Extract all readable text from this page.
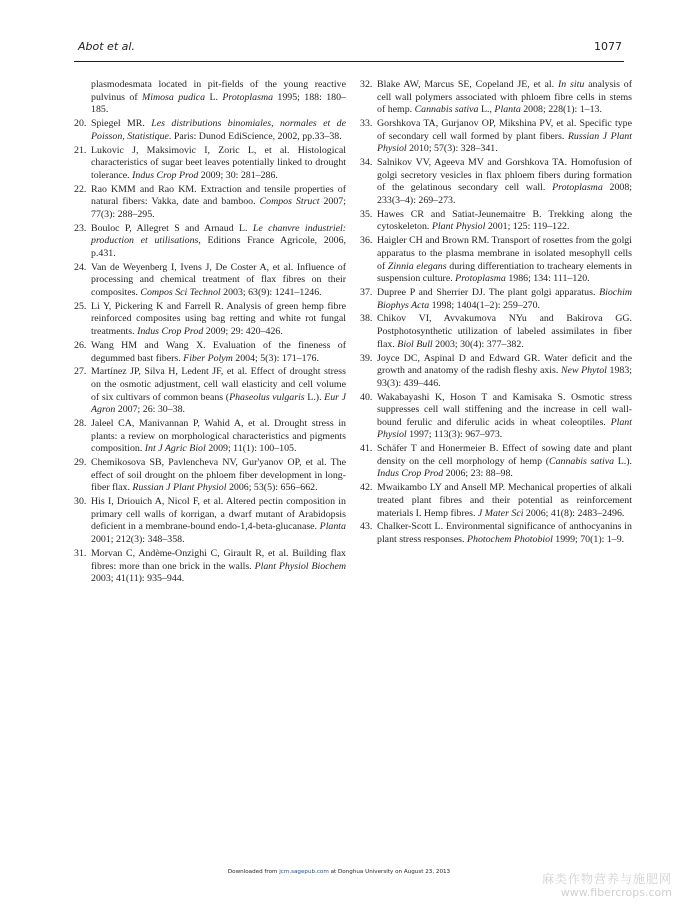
Abot et al.	1077
plasmodesmata located in pit-fields of the young reactive pulvinus of Mimosa pudica L. Protoplasma 1995; 188: 180–185.
20. Spiegel MR. Les distributions binomiales, normales et de Poisson, Statistique. Paris: Dunod EdiScience, 2002, pp.33–38.
21. Lukovic J, Maksimovic I, Zoric L, et al. Histological characteristics of sugar beet leaves potentially linked to drought tolerance. Indus Crop Prod 2009; 30: 281–286.
22. Rao KMM and Rao KM. Extraction and tensile properties of natural fibers: Vakka, date and bamboo. Compos Struct 2007; 77(3): 288–295.
23. Bouloc P, Allegret S and Arnaud L. Le chanvre industriel: production et utilisations, Editions France Agricole, 2006, p.431.
24. Van de Weyenberg I, Ivens J, De Coster A, et al. Influence of processing and chemical treatment of flax fibres on their composites. Compos Sci Technol 2003; 63(9): 1241–1246.
25. Li Y, Pickering K and Farrell R. Analysis of green hemp fibre reinforced composites using bag retting and white rot fungal treatments. Indus Crop Prod 2009; 29: 420–426.
26. Wang HM and Wang X. Evaluation of the fineness of degummed bast fibers. Fiber Polym 2004; 5(3): 171–176.
27. Martínez JP, Silva H, Ledent JF, et al. Effect of drought stress on the osmotic adjustment, cell wall elasticity and cell volume of six cultivars of common beans (Phaseolus vulgaris L.). Eur J Agron 2007; 26: 30–38.
28. Jaleel CA, Manivannan P, Wahid A, et al. Drought stress in plants: a review on morphological characteristics and pigments composition. Int J Agric Biol 2009; 11(1): 100–105.
29. Chemikosova SB, Pavlencheva NV, Gur'yanov OP, et al. The effect of soil drought on the phloem fiber development in long-fiber flax. Russian J Plant Physiol 2006; 53(5): 656–662.
30. His I, Driouich A, Nicol F, et al. Altered pectin composition in primary cell walls of korrigan, a dwarf mutant of Arabidopsis deficient in a membrane-bound endo-1,4-beta-glucanase. Planta 2001; 212(3): 348–358.
31. Morvan C, Andème-Onzighi C, Girault R, et al. Building flax fibres: more than one brick in the walls. Plant Physiol Biochem 2003; 41(11): 935–944.
32. Blake AW, Marcus SE, Copeland JE, et al. In situ analysis of cell wall polymers associated with phloem fibre cells in stems of hemp. Cannabis sativa L., Planta 2008; 228(1): 1–13.
33. Gorshkova TA, Gurjanov OP, Mikshina PV, et al. Specific type of secondary cell wall formed by plant fibers. Russian J Plant Physiol 2010; 57(3): 328–341.
34. Salnikov VV, Ageeva MV and Gorshkova TA. Homofusion of golgi secretory vesicles in flax phloem fibers during formation of the gelatinous secondary cell wall. Protoplasma 2008; 233(3–4): 269–273.
35. Hawes CR and Satiat-Jeunemaitre B. Trekking along the cytoskeleton. Plant Physiol 2001; 125: 119–122.
36. Haigler CH and Brown RM. Transport of rosettes from the golgi apparatus to the plasma membrane in isolated mesophyll cells of Zinnia elegans during differentiation to tracheary elements in suspension culture. Protoplasma 1986; 134: 111–120.
37. Dupree P and Sherrier DJ. The plant golgi apparatus. Biochim Biophys Acta 1998; 1404(1–2): 259–270.
38. Chikov VI, Avvakumova NYu and Bakirova GG. Postphotosynthetic utilization of labeled assimilates in fiber flax. Biol Bull 2003; 30(4): 377–382.
39. Joyce DC, Aspinal D and Edward GR. Water deficit and the growth and anatomy of the radish fleshy axis. New Phytol 1983; 93(3): 439–446.
40. Wakabayashi K, Hoson T and Kamisaka S. Osmotic stress suppresses cell wall stiffening and the increase in cell wall-bound ferulic and diferulic acids in wheat coleoptiles. Plant Physiol 1997; 113(3): 967–973.
41. Schäfer T and Honermeier B. Effect of sowing date and plant density on the cell morphology of hemp (Cannabis sativa L.). Indus Crop Prod 2006; 23: 88–98.
42. Mwaikambo LY and Ansell MP. Mechanical properties of alkali treated plant fibres and their potential as reinforcement materials I. Hemp fibres. J Mater Sci 2006; 41(8): 2483–2496.
43. Chalker-Scott L. Environmental significance of anthocyanins in plant stress responses. Photochem Photobiol 1999; 70(1): 1–9.
Downloaded from jcm.sagepub.com at Donghua University on August 23, 2013	麻类作物营养与施肥网
www.fibercrops.com
